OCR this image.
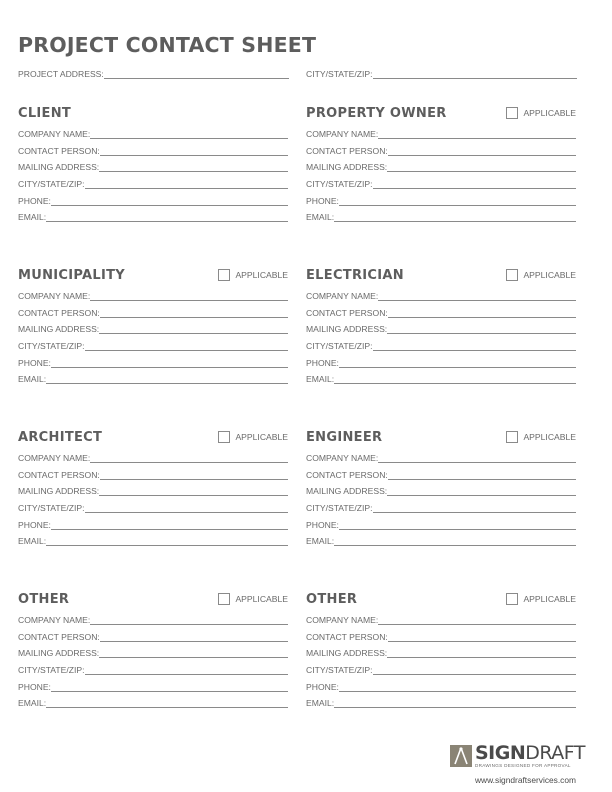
PROJECT CONTACT SHEET
PROJECT ADDRESS:	CITY/STATE/ZIP:
CLIENT
COMPANY NAME:
CONTACT PERSON:
MAILING ADDRESS:
CITY/STATE/ZIP:
PHONE:
EMAIL:
PROPERTY OWNER	APPLICABLE
COMPANY NAME:
CONTACT PERSON:
MAILING ADDRESS:
CITY/STATE/ZIP:
PHONE:
EMAIL:
MUNICIPALITY	APPLICABLE
COMPANY NAME:
CONTACT PERSON:
MAILING ADDRESS:
CITY/STATE/ZIP:
PHONE:
EMAIL:
ELECTRICIAN	APPLICABLE
COMPANY NAME:
CONTACT PERSON:
MAILING ADDRESS:
CITY/STATE/ZIP:
PHONE:
EMAIL:
ARCHITECT	APPLICABLE
COMPANY NAME:
CONTACT PERSON:
MAILING ADDRESS:
CITY/STATE/ZIP:
PHONE:
EMAIL:
ENGINEER	APPLICABLE
COMPANY NAME:
CONTACT PERSON:
MAILING ADDRESS:
CITY/STATE/ZIP:
PHONE:
EMAIL:
OTHER	APPLICABLE
COMPANY NAME:
CONTACT PERSON:
MAILING ADDRESS:
CITY/STATE/ZIP:
PHONE:
EMAIL:
OTHER	APPLICABLE
COMPANY NAME:
CONTACT PERSON:
MAILING ADDRESS:
CITY/STATE/ZIP:
PHONE:
EMAIL:
SIGNDRAFT
DRAWINGS DESIGNED FOR APPROVAL
www.signdraftservices.com
